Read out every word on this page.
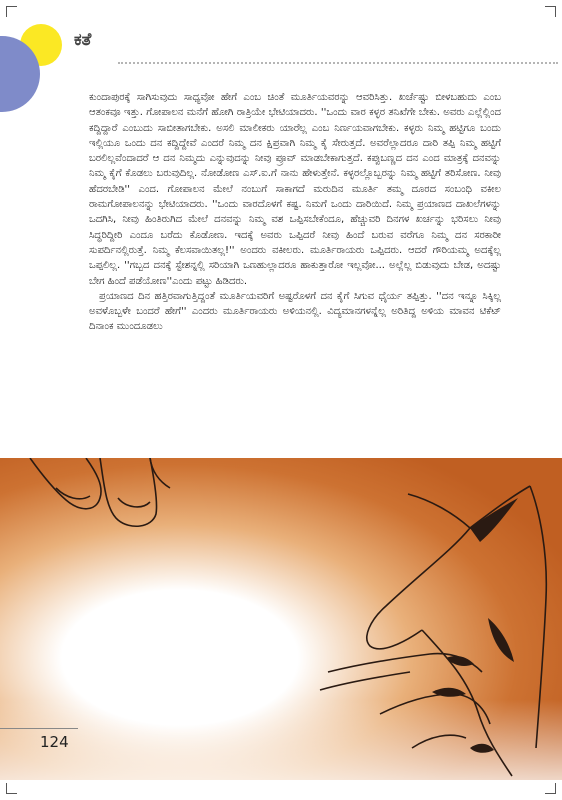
ಕತೆ

ಕುಂದಾಪುರಕ್ಕೆ ಸಾಗಿಸುವುದು ಸಾಧ್ಯವೋ ಹೇಗೆ ಎಂಬ ಚಿಂತೆ ಮೂರ್ತಿಯವರನ್ನು ಆವರಿಸಿತ್ತು. ಖರ್ಚೆಷ್ಟು ಬೀಳಬಹುದು ಎಂಬ ಆತಂಕವೂ ಇತ್ತು. ಗೋಪಾಲನ ಮನೆಗೆ ಹೋಗಿ ರಾತ್ರಿಯೇ ಭೇಟಿಯಾದರು. ''ಒಂದು ವಾರ ಕಳ್ಳರ ತನಿಖೆಗೇ ಬೇಕು. ಅವರು ಎಲ್ಲೆಲ್ಲಿಂದ ಕದ್ದಿದ್ದಾರೆ ಎಂಬುದು ಸಾಬೀತಾಗಬೇಕು. ಅಸಲಿ ಮಾಲೀಕರು ಯಾರೆಲ್ಲ ಎಂಬ ನಿರ್ಣಯವಾಗಬೇಕು. ಕಳ್ಳರು ನಿಮ್ಮ ಹಟ್ಟಿಗೂ ಬಂದು ಇಲ್ಲಿಯೂ ಒಂದು ದನ ಕದ್ದಿದ್ದೇವೆ ಎಂದರೆ ನಿಮ್ಮ ದನ ಕ್ಷಿಪ್ರವಾಗಿ ನಿಮ್ಮ ಕೈ ಸೇರುತ್ತದೆ. ಅವರೆಲ್ಲಾದರೂ ದಾರಿ ತಪ್ಪಿ ನಿಮ್ಮ ಹಟ್ಟಿಗೆ ಬರಲಿಲ್ಲವೆಂದಾದರೆ ಆ ದನ ನಿಮ್ಮದು ಎನ್ನುವುದನ್ನು ನೀವು ಪ್ರೂವ್ ಮಾಡಬೇಕಾಗುತ್ತದೆ. ಕಪ್ಪುಬಣ್ಣದ ದನ ಎಂದ ಮಾತ್ರಕ್ಕೆ ದನವನ್ನು ನಿಮ್ಮ ಕೈಗೆ ಕೊಡಲು ಬರುವುದಿಲ್ಲ. ನೋಡೋಣ ಎಸ್.ಐ.ಗೆ ನಾನು ಹೇಳುತ್ತೇನೆ. ಕಳ್ಳರಲ್ಲೊಬ್ಬರನ್ನು ನಿಮ್ಮ ಹಟ್ಟಿಗೆ ತರಿಸೋಣ. ನೀವು ಹೆದರಬೇಡಿ'' ಎಂದ. ಗೋಪಾಲನ ಮೇಲೆ ನಂಬುಗೆ ಸಾಕಾಗದೆ ಮರುದಿನ ಮೂರ್ತಿ ತಮ್ಮ ದೂರದ ಸಂಬಂಧಿ ವಕೀಲ ರಾಮಗೋಪಾಲನನ್ನು ಭೇಟಿಯಾದರು. ''ಒಂದು ವಾರದೊಳಗೆ ಕಷ್ಟ. ನಿಮಗೆ ಒಂದು ದಾರಿಯಿದೆ. ನಿಮ್ಮ ಪ್ರಯಾಣದ ದಾಖಲೆಗಳನ್ನು ಒದಗಿಸಿ, ನೀವು ಹಿಂತಿರುಗಿದ ಮೇಲೆ ದನವನ್ನು ನಿಮ್ಮ ವಶ ಒಪ್ಪಿಸಬೇಕೆಂದೂ, ಹೆಚ್ಚುವರಿ ದಿನಗಳ ಖರ್ಚನ್ನು ಭರಿಸಲು ನೀವು ಸಿದ್ಧರಿದ್ದೀರಿ ಎಂದೂ ಬರೆದು ಕೊಡೋಣ. ಇದಕ್ಕೆ ಅವರು ಒಪ್ಪಿದರೆ ನೀವು ಹಿಂದೆ ಬರುವ ವರೆಗೂ ನಿಮ್ಮ ದನ ಸರಕಾರೀ ಸುಪರ್ದಿನಲ್ಲಿರುತ್ತೆ. ನಿಮ್ಮ ಕೆಲಸವಾಯಿತಲ್ಲ!'' ಅಂದರು ವಕೀಲರು. ಮೂರ್ತಿರಾಯರು ಒಪ್ಪಿದರು. ಆದರೆ ಗೌರಿಯಮ್ಮ ಅದಕ್ಕೆಲ್ಲ ಒಪ್ಪಲಿಲ್ಲ. ''ಗಬ್ಬದ ದನಕ್ಕೆ ಸ್ಟೇಶನ್ನಲ್ಲಿ ಸರಿಯಾಗಿ ಒಣಹುಲ್ಲಾದರೂ ಹಾಕುತ್ತಾರೋ ಇಲ್ಲವೋ... ಅಲ್ಲೆಲ್ಲ ಬಿಡುವುದು ಬೇಡ, ಅದಷ್ಟು ಬೇಗ ಹಿಂದೆ ಪಡೆಯೋಣ''ಎಂದು ಪಟ್ಟು ಹಿಡಿದರು.

ಪ್ರಯಾಣದ ದಿನ ಹತ್ತಿರವಾಗುತ್ತಿದ್ದಂತೆ ಮೂರ್ತಿಯವರಿಗೆ ಅಷ್ಟರೊಳಗೆ ದನ ಕೈಗೆ ಸಿಗುವ ಧೈರ್ಯ ತಪ್ಪಿತ್ತು. ''ದನ ಇನ್ನೂ ಸಿಕ್ಕಿಲ್ಲ ಅವಳೊಬ್ಬಳೇ ಬಂದರೆ ಹೇಗೆ'' ಎಂದರು ಮೂರ್ತಿರಾಯರು ಅಳಿಯನಲ್ಲಿ. ವಿದ್ಯಮಾನಗಳನ್ನೆಲ್ಲ ಅರಿತಿದ್ದ ಅಳಿಯ ಮಾವನ ಟಿಕೆಟ್ ದಿನಾಂಕ ಮುಂದೂಡಲು

124
